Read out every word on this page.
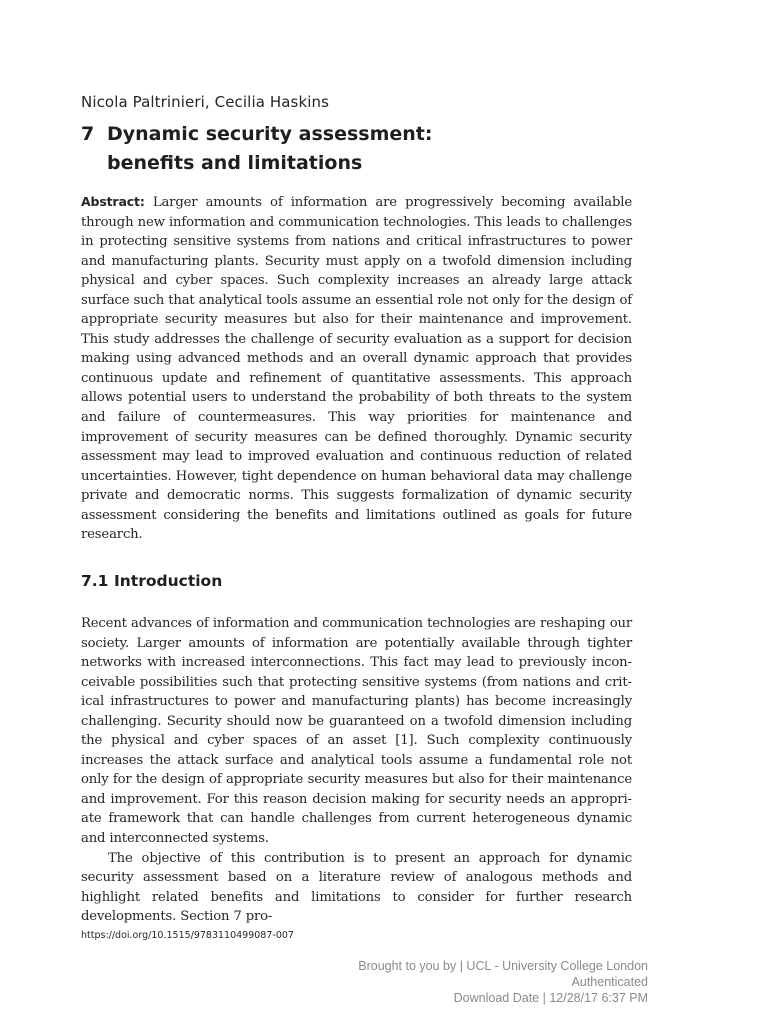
Nicola Paltrinieri, Cecilia Haskins
7 Dynamic security assessment:
benefits and limitations
Abstract: Larger amounts of information are progressively becoming available through new information and communication technologies. This leads to challenges in protecting sensitive systems from nations and critical infrastructures to power and manufacturing plants. Security must apply on a twofold dimension including physical and cyber spaces. Such complexity increases an already large attack surface such that analytical tools assume an essential role not only for the design of appropriate security measures but also for their maintenance and improvement. This study addresses the challenge of security evaluation as a support for decision making using advanced methods and an overall dynamic approach that provides continuous update and refinement of quantitative assessments. This approach allows potential users to understand the probability of both threats to the system and failure of countermeasures. This way priorities for maintenance and improvement of security measures can be defined thoroughly. Dynamic security assessment may lead to improved evaluation and continuous reduction of related uncertainties. However, tight dependence on human behavioral data may challenge private and democratic norms. This suggests formalization of dynamic security assessment considering the benefits and limitations outlined as goals for future research.
7.1 Introduction

Recent advances of information and communication technologies are reshaping our society. Larger amounts of information are potentially available through tighter networks with increased interconnections. This fact may lead to previously inconceivable possibilities such that protecting sensitive systems (from nations and critical infrastructures to power and manufacturing plants) has become increasingly challenging. Security should now be guaranteed on a twofold dimension including the physical and cyber spaces of an asset [1]. Such complexity continuously increases the attack surface and analytical tools assume a fundamental role not only for the design of appropriate security measures but also for their maintenance and improvement. For this reason decision making for security needs an appropriate framework that can handle challenges from current heterogeneous dynamic and interconnected systems.

The objective of this contribution is to present an approach for dynamic security assessment based on a literature review of analogous methods and highlight related benefits and limitations to consider for further research developments. Section 7 pro-

https://doi.org/10.1515/9783110499087-007
Brought to you by | UCL - University College London
Authenticated
Download Date | 12/28/17 6:37 PM
